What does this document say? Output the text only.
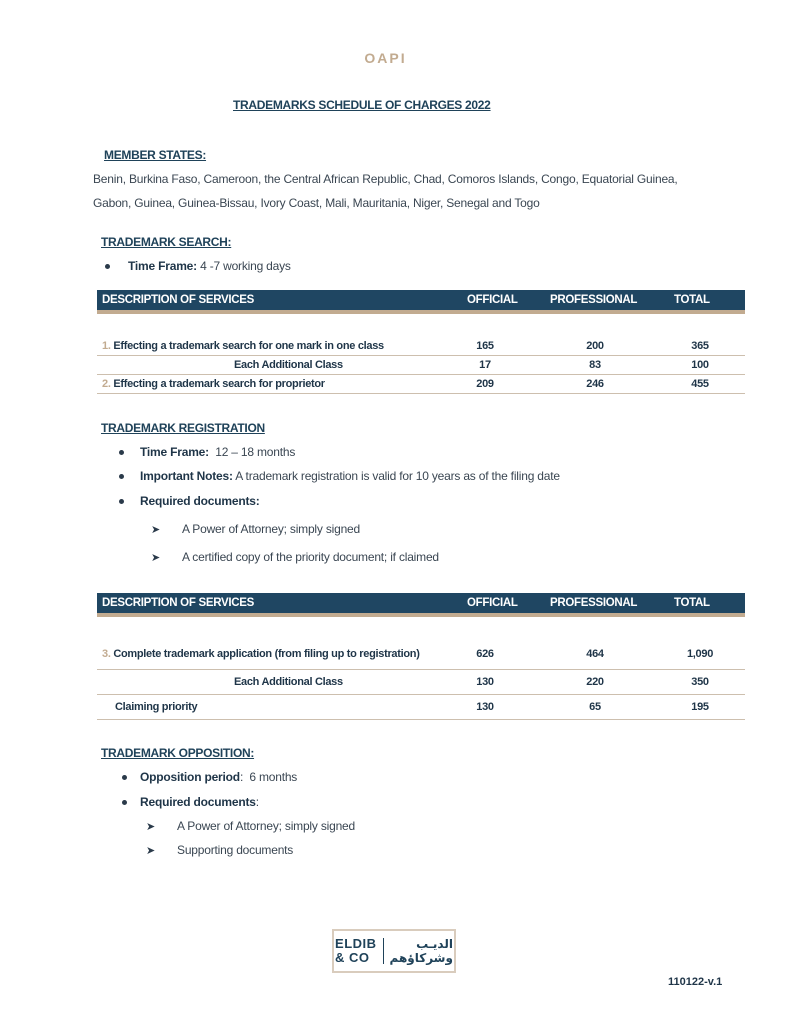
OAPI
TRADEMARKS SCHEDULE OF CHARGES 2022
MEMBER STATES:
Benin, Burkina Faso, Cameroon, the Central African Republic, Chad, Comoros Islands, Congo, Equatorial Guinea,
Gabon, Guinea, Guinea-Bissau, Ivory Coast, Mali, Mauritania, Niger, Senegal and Togo
TRADEMARK SEARCH:
Time Frame: 4 -7 working days
DESCRIPTION OF SERVICES	OFFICIAL	PROFESSIONAL	TOTAL
1. Effecting a trademark search for one mark in one class	165	200	365
Each Additional Class	17	83	100
2. Effecting a trademark search for proprietor	209	246	455
TRADEMARK REGISTRATION
Time Frame: 12 – 18 months
Important Notes: A trademark registration is valid for 10 years as of the filing date
Required documents:
➤ A Power of Attorney; simply signed
➤ A certified copy of the priority document; if claimed
DESCRIPTION OF SERVICES	OFFICIAL	PROFESSIONAL	TOTAL
3. Complete trademark application (from filing up to registration)	626	464	1,090
Each Additional Class	130	220	350
Claiming priority	130	65	195
TRADEMARK OPPOSITION:
Opposition period :  6 months
Required documents :
➤ A Power of Attorney; simply signed
➤ Supporting documents
ELDIB
& CO
الديـب
وشركاؤهم
110122-v.1
